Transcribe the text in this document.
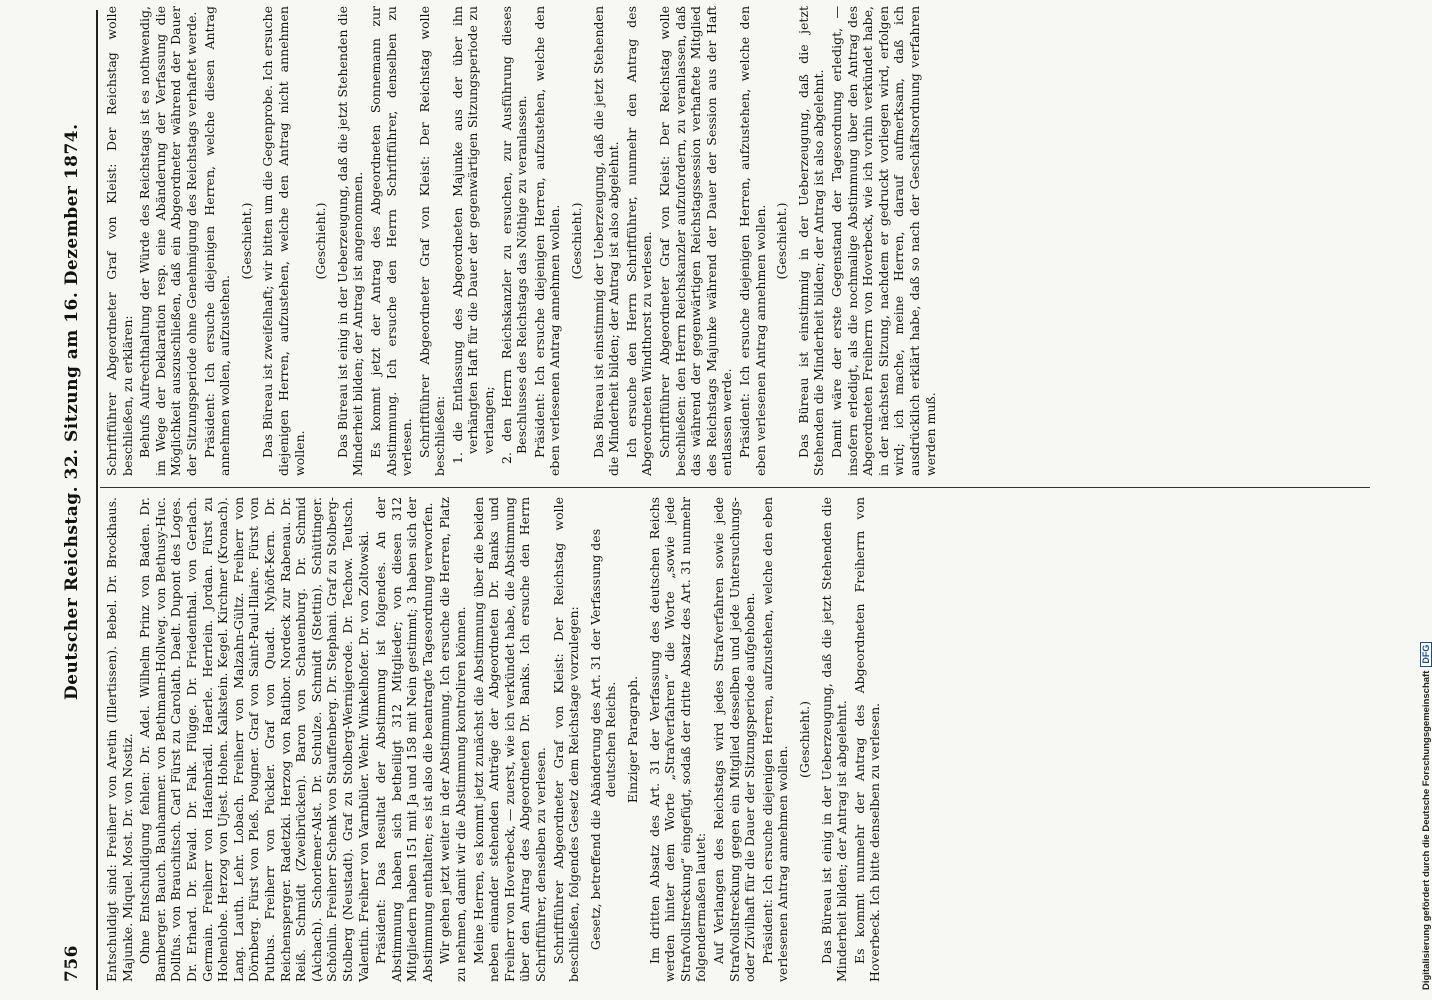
756
Deutscher Reichstag. 32. Sitzung am 16. Dezember 1874.

Entschuldigt sind: Freiherr von Aretin (Illertissen). Bebel. Dr. Brockhaus. Majunke. Miquel. Most. Dr. von Nostiz. Ohne Entschuldigung fehlen: Dr. Adel. Wilhelm Prinz von Baden. Dr. Bamberger. Bauch. Bauhammer. von Bethmann-Hollweg. von Bethusy-Huc. Dollfus. von Brauchitsch. Carl Fürst zu Carolath. Daelt. Dupont des Loges. Dr. Erhard. Dr. Ewald. Dr. Falk. Flügge. Dr. Friedenthal. von Gerlach. Germain. Freiherr von Hafenbrädl. Haerle. Herrlein. Jordan. Fürst zu Hohenlohe. Herzog von Ujest. Hohen. Kalkstein. Kegel. Kirchner (Kronach). Lang. Lauth. Lehr. Lobach. Freiherr von Malzahn-Gültz. Freiherr von Dörnberg. Fürst von Pleß. Pougner. Graf von Saint-Paul-Illaire. Fürst von Putbus. Freiherr von Pückler. Graf von Quadt. Nyhöft-Kern. Dr. Reichensperger. Radetzki. Herzog von Ratibor. Nordeck zur Rabenau. Dr. Reiß. Schmidt (Zweibrücken). Baron von Schauenburg. Dr. Schmid (Aichach). Schorlemer-Alst. Dr. Schulze. Schmidt (Stettin). Schüttinger. Schönlin. Freiherr Schenk von Stauffenberg. Dr. Stephani. Graf zu Stolberg-Stolberg (Neustadt). Graf zu Stolberg-Wernigerode. Dr. Techow. Teutsch. Valentin. Freiherr von Varnbüler. Wehr. Winkelhofer. Dr. von Zoltowski. Präsident: Das Resultat der Abstimmung ist folgendes. An der Abstimmung haben sich betheiligt 312 Mitglieder; von diesen 312 Mitgliedern haben 151 mit Ja und 158 mit Nein gestimmt; 3 haben sich der Abstimmung enthalten; es ist also die beantragte Tagesordnung verworfen. Wir gehen jetzt weiter in der Abstimmung. Ich ersuche die Herren, Platz zu nehmen, damit wir die Abstimmung kontroliren können. Meine Herren, es kommt jetzt zunächst die Abstimmung über die beiden neben einander stehenden Anträge der Abgeordneten Dr. Banks und Freiherr von Hoverbeck, — zuerst, wie ich verkündet habe, die Abstimmung über den Antrag des Abgeordneten Dr. Banks. Ich ersuche den Herrn Schriftführer, denselben zu verlesen. Schriftführer Abgeordneter Graf von Kleist: Der Reichstag wolle beschließen, folgendes Gesetz dem Reichstage vorzulegen: Gesetz, betreffend die Abänderung des Art. 31 der Verfassung des deutschen Reichs. Einziger Paragraph. Im dritten Absatz des Art. 31 der Verfassung des deutschen Reichs werden hinter dem Worte „Strafverfahren“ die Worte „sowie jede Strafvollstreckung“ eingefügt, sodaß der dritte Absatz des Art. 31 nunmehr folgendermaßen lautet: Auf Verlangen des Reichstags wird jedes Strafverfahren sowie jede Strafvollstreckung gegen ein Mitglied desselben und jede Untersuchungs- oder Zivilhaft für die Dauer der Sitzungsperiode aufgehoben. Präsident: Ich ersuche diejenigen Herren, aufzustehen, welche den eben verlesenen Antrag annehmen wollen.

(Geschieht.) Das Büreau ist einig in der Ueberzeugung, daß die jetzt Stehenden die Minderheit bilden; der Antrag ist abgelehnt. Es kommt nunmehr der Antrag des Abgeordneten Freiherrn von Hoverbeck. Ich bitte denselben zu verlesen.

Schriftführer Abgeordneter Graf von Kleist: Der Reichstag wolle beschließen, zu erklären: Behufs Aufrechthaltung der Würde des Reichstags ist es nothwendig, im Wege der Deklaration resp. eine Abänderung der Verfassung die Möglichkeit auszuschließen, daß ein Abgeordneter während der Dauer der Sitzungsperiode ohne Genehmigung des Reichstags verhaftet werde. Präsident: Ich ersuche diejenigen Herren, welche diesen Antrag annehmen wollen, aufzustehen.

(Geschieht.) Das Büreau ist zweifelhaft; wir bitten um die Gegenprobe. Ich ersuche diejenigen Herren, aufzustehen, welche den Antrag nicht annehmen wollen.

(Geschieht.) Das Büreau ist einig in der Ueberzeugung, daß die jetzt Stehenden die Minderheit bilden; der Antrag ist angenommen. Es kommt jetzt der Antrag des Abgeordneten Sonnemann zur Abstimmung. Ich ersuche den Herrn Schriftführer, denselben zu verlesen. Schriftführer Abgeordneter Graf von Kleist: Der Reichstag wolle beschließen: 1. die Entlassung des Abgeordneten Majunke aus der über ihn verhängten Haft für die Dauer der gegenwärtigen Sitzungsperiode zu verlangen; 2. den Herrn Reichskanzler zu ersuchen, zur Ausführung dieses Beschlusses des Reichstags das Nöthige zu veranlassen. Präsident: Ich ersuche diejenigen Herren, aufzustehen, welche den eben verlesenen Antrag annehmen wollen. (Geschieht.) Das Büreau ist einstimmig der Ueberzeugung, daß die jetzt Stehenden die Minderheit bilden; der Antrag ist also abgelehnt. Ich ersuche den Herrn Schriftführer, nunmehr den Antrag des Abgeordneten Windthorst zu verlesen. Schriftführer Abgeordneter Graf von Kleist: Der Reichstag wolle beschließen: den Herrn Reichskanzler aufzufordern, zu veranlassen, daß das während der gegenwärtigen Reichstagssession verhaftete Mitglied des Reichstags Majunke während der Dauer der Session aus der Haft entlassen werde. Präsident: Ich ersuche diejenigen Herren, aufzustehen, welche den eben verlesenen Antrag annehmen wollen. (Geschieht.) Das Büreau ist einstimmig in der Ueberzeugung, daß die jetzt Stehenden die Minderheit bilden; der Antrag ist also abgelehnt. Damit wäre der erste Gegenstand der Tagesordnung erledigt, — insofern erledigt, als die nochmalige Abstimmung über den Antrag des Abgeordneten Freiherrn von Hoverbeck, wie ich vorhin verkündet habe, in der nächsten Sitzung, nachdem er gedruckt vorliegen wird, erfolgen wird; ich mache, meine Herren, darauf aufmerksam, daß ich ausdrücklich erklärt habe, daß so nach der Geschäftsordnung verfahren werden muß.

Digitalisierung gefördert durch die Deutsche ForschungsgemeinschaftDFG
